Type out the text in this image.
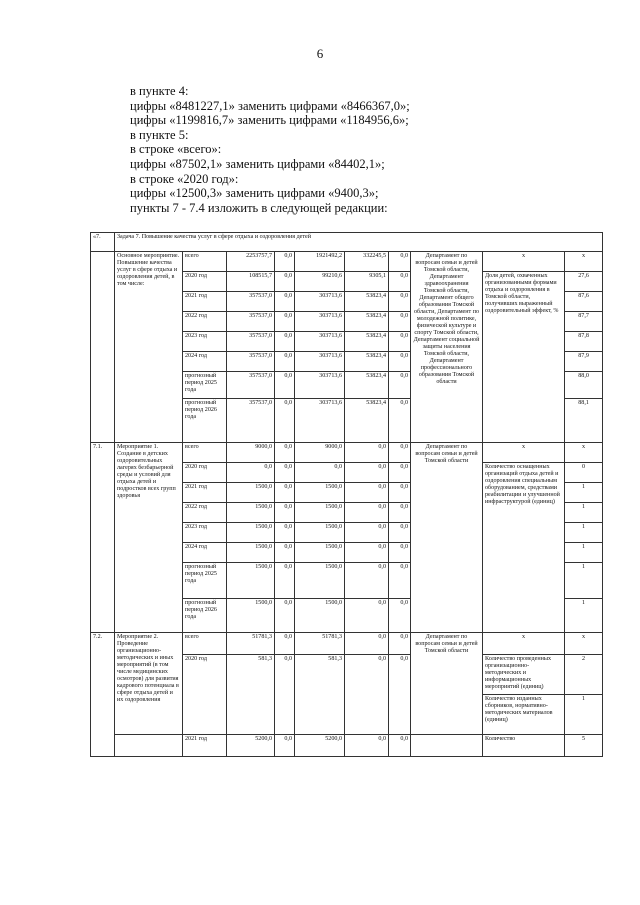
6
в пункте 4:
цифры «8481227,1» заменить цифрами «8466367,0»;
цифры «1199816,7» заменить цифрами «1184956,6»;
в пункте 5:
в строке «всего»:
цифры «87502,1» заменить цифрами «84402,1»;
в строке «2020 год»:
цифры «12500,3» заменить цифрами «9400,3»;
пункты 7 - 7.4 изложить в следующей редакции:
«7.	Задача 7. Повышение качества услуг в сфере отдыха и оздоровления детей									
	Основное мероприятие. Повышение качества услуг в сфере отдыха и оздоровления детей, в том числе:	всего	2253757,7	0,0	1921492,2	332245,5	0,0	Департамент по вопросам семьи и детей Томской области, Департамент здравоохранения Томской области, Департамент общего образования Томской области, Департамент по молодежной политике, физической культуре и спорту Томской области, Департамент социальной защиты населения Томской области, Департамент профессионального образования Томской области	x	x
		2020 год	108515,7	0,0	99210,6	9305,1	0,0		Доля детей, охваченных организованными формами отдыха и оздоровления в Томской области, получивших выраженный оздоровительный эффект, %	27,6
		2021 год	357537,0	0,0	303713,6	53823,4	0,0			87,6
		2022 год	357537,0	0,0	303713,6	53823,4	0,0			87,7
		2023 год	357537,0	0,0	303713,6	53823,4	0,0			87,8
		2024 год	357537,0	0,0	303713,6	53823,4	0,0			87,9
		прогнозный период 2025 года	357537,0	0,0	303713,6	53823,4	0,0			88,0
		прогнозный период 2026 года	357537,0	0,0	303713,6	53823,4	0,0			88,1
7.1.	Мероприятие 1. Создание в детских оздоровительных лагерях безбарьерной среды и условий для отдыха детей и подростков всех групп здоровья	всего	9000,0	0,0	9000,0	0,0	0,0	Департамент по вопросам семьи и детей Томской области	x	x
		2020 год	0,0	0,0	0,0	0,0	0,0		Количество оснащенных организаций отдыха детей и оздоровления специальным оборудованием, средствами реабилитации и улучшенной инфраструктурой (единиц)	0
		2021 год	1500,0	0,0	1500,0	0,0	0,0			1
		2022 год	1500,0	0,0	1500,0	0,0	0,0			1
		2023 год	1500,0	0,0	1500,0	0,0	0,0			1
		2024 год	1500,0	0,0	1500,0	0,0	0,0			1
		прогнозный период 2025 года	1500,0	0,0	1500,0	0,0	0,0			1
		прогнозный период 2026 года	1500,0	0,0	1500,0	0,0	0,0			1
7.2.	Мероприятие 2. Проведение организационно-методических и иных мероприятий (в том числе медицинских осмотров) для развития кадрового потенциала в сфере отдыха детей и их оздоровления	всего	51781,3	0,0	51781,3	0,0	0,0	Департамент по вопросам семьи и детей Томской области	x	x
		2020 год	581,3	0,0	581,3	0,0	0,0		Количество проведенных организационно-методических и информационных мероприятий (единиц)	2
									Количество изданных сборников, нормативно-методических материалов (единиц)	1
		2021 год	5200,0	0,0	5200,0	0,0	0,0		Количество	5
